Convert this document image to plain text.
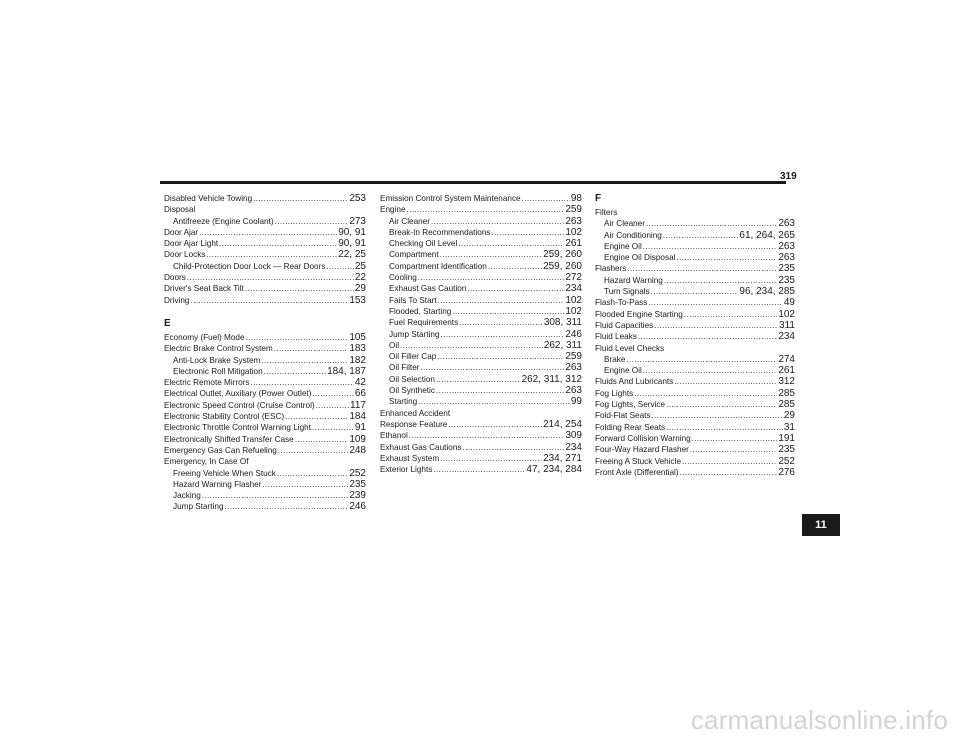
319
Disabled Vehicle Towing .....	253
Disposal
Antifreeze (Engine Coolant) .....	273
Door Ajar .....	90, 91
Door Ajar Light .....	90, 91
Door Locks .....	22, 25
Child-Protection Door Lock — Rear Doors .....	25
Doors .....	22
Driver's Seat Back Tilt .....	29
Driving .....	153
E
Economy (Fuel) Mode .....	105
Electric Brake Control System .....	183
Anti-Lock Brake System .....	182
Electronic Roll Mitigation .....	184, 187
Electric Remote Mirrors .....	42
Electrical Outlet, Auxiliary (Power Outlet) .....	66
Electronic Speed Control (Cruise Control) .....	117
Electronic Stability Control (ESC) .....	184
Electronic Throttle Control Warning Light .....	91
Electronically Shifted Transfer Case .....	109
Emergency Gas Can Refueling .....	248
Emergency, In Case Of
Freeing Vehicle When Stuck .....	252
Hazard Warning Flasher .....	235
Jacking .....	239
Jump Starting .....	246
Emission Control System Maintenance .....	98
Engine .....	259
Air Cleaner .....	263
Break-In Recommendations .....	102
Checking Oil Level .....	261
Compartment .....	259, 260
Compartment Identification .....	259, 260
Cooling .....	272
Exhaust Gas Caution .....	234
Fails To Start .....	102
Flooded, Starting .....	102
Fuel Requirements .....	308, 311
Jump Starting .....	246
Oil .....	262, 311
Oil Filler Cap .....	259
Oil Filter .....	263
Oil Selection .....	262, 311, 312
Oil Synthetic .....	263
Starting .....	99
Enhanced Accident
Response Feature .....	214, 254
Ethanol .....	309
Exhaust Gas Cautions .....	234
Exhaust System .....	234, 271
Exterior Lights .....	47, 234, 284
F
Filters
Air Cleaner .....	263
Air Conditioning .....	61, 264, 265
Engine Oil .....	263
Engine Oil Disposal .....	263
Flashers .....	235
Hazard Warning .....	235
Turn Signals .....	96, 234, 285
Flash-To-Pass .....	49
Flooded Engine Starting .....	102
Fluid Capacities .....	311
Fluid Leaks .....	234
Fluid Level Checks
Brake .....	274
Engine Oil .....	261
Fluids And Lubricants .....	312
Fog Lights .....	285
Fog Lights, Service .....	285
Fold-Flat Seats .....	29
Folding Rear Seats .....	31
Forward Collision Warning .....	191
Four-Way Hazard Flasher .....	235
Freeing A Stuck Vehicle .....	252
Front Axle (Differential) .....	276
11
carmanualsonline.info
